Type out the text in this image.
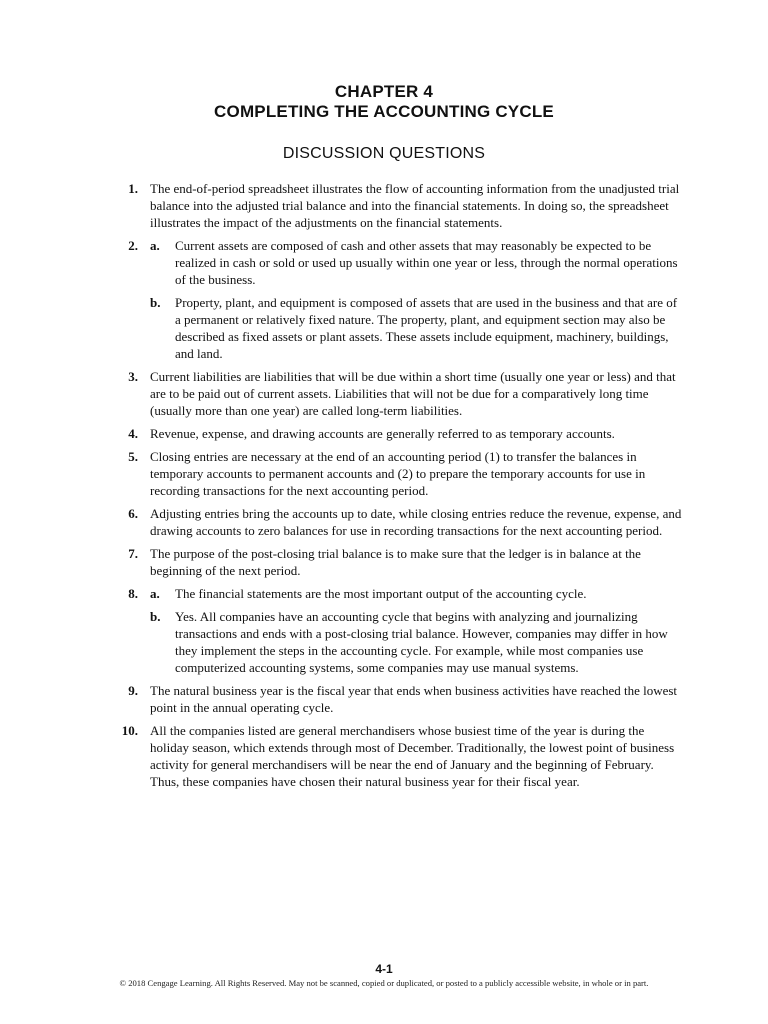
CHAPTER 4
COMPLETING THE ACCOUNTING CYCLE
DISCUSSION QUESTIONS
1. The end-of-period spreadsheet illustrates the flow of accounting information from the unadjusted trial balance into the adjusted trial balance and into the financial statements. In doing so, the spreadsheet illustrates the impact of the adjustments on the financial statements.
2. a.	Current assets are composed of cash and other assets that may reasonably be expected to be realized in cash or sold or used up usually within one year or less, through the normal operations of the business.
b.	Property, plant, and equipment is composed of assets that are used in the business and that are of a permanent or relatively fixed nature. The property, plant, and equipment section may also be described as fixed assets or plant assets. These assets include equipment, machinery, buildings, and land.
3. Current liabilities are liabilities that will be due within a short time (usually one year or less) and that are to be paid out of current assets. Liabilities that will not be due for a comparatively long time (usually more than one year) are called long-term liabilities.
4. Revenue, expense, and drawing accounts are generally referred to as temporary accounts.
5. Closing entries are necessary at the end of an accounting period (1) to transfer the balances in temporary accounts to permanent accounts and (2) to prepare the temporary accounts for use in recording transactions for the next accounting period.
6. Adjusting entries bring the accounts up to date, while closing entries reduce the revenue, expense, and drawing accounts to zero balances for use in recording transactions for the next accounting period.
7. The purpose of the post-closing trial balance is to make sure that the ledger is in balance at the beginning of the next period.
8. a.	The financial statements are the most important output of the accounting cycle.
b.	Yes. All companies have an accounting cycle that begins with analyzing and journalizing transactions and ends with a post-closing trial balance. However, companies may differ in how they implement the steps in the accounting cycle. For example, while most companies use computerized accounting systems, some companies may use manual systems.
9. The natural business year is the fiscal year that ends when business activities have reached the lowest point in the annual operating cycle.
10. All the companies listed are general merchandisers whose busiest time of the year is during the holiday season, which extends through most of December. Traditionally, the lowest point of business activity for general merchandisers will be near the end of January and the beginning of February. Thus, these companies have chosen their natural business year for their fiscal year.
4-1
© 2018 Cengage Learning. All Rights Reserved. May not be scanned, copied or duplicated, or posted to a publicly accessible website, in whole or in part.
